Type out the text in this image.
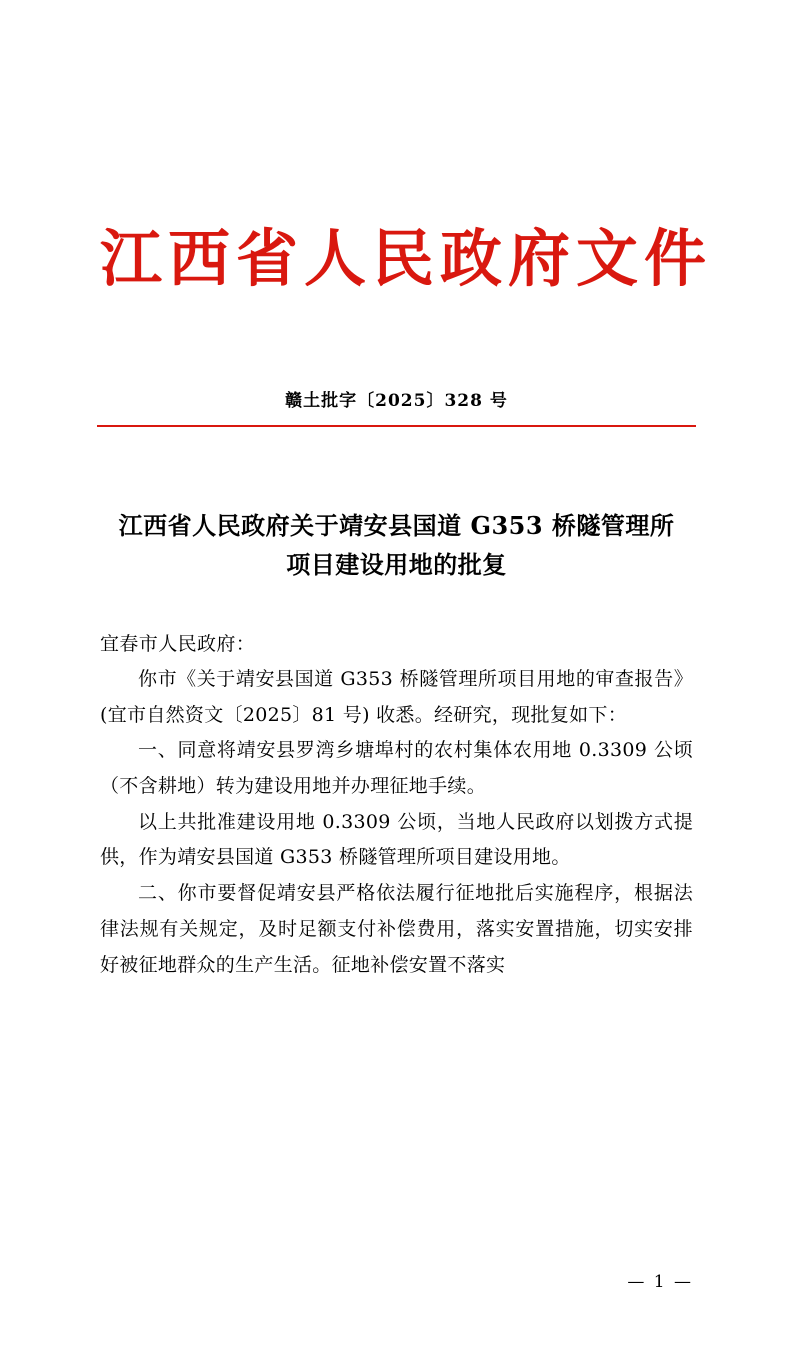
江西省人民政府文件
赣土批字〔2025〕328 号
江西省人民政府关于靖安县国道 G353 桥隧管理所项目建设用地的批复
宜春市人民政府：

你市《关于靖安县国道 G353 桥隧管理所项目用地的审查报告》(宜市自然资文〔2025〕81 号) 收悉。经研究，现批复如下：

一、同意将靖安县罗湾乡塘埠村的农村集体农用地 0.3309 公顷（不含耕地）转为建设用地并办理征地手续。

以上共批准建设用地 0.3309 公顷，当地人民政府以划拨方式提供，作为靖安县国道 G353 桥隧管理所项目建设用地。

二、你市要督促靖安县严格依法履行征地批后实施程序，根据法律法规有关规定，及时足额支付补偿费用，落实安置措施，切实安排好被征地群众的生产生活。征地补偿安置不落实

— 1 —
